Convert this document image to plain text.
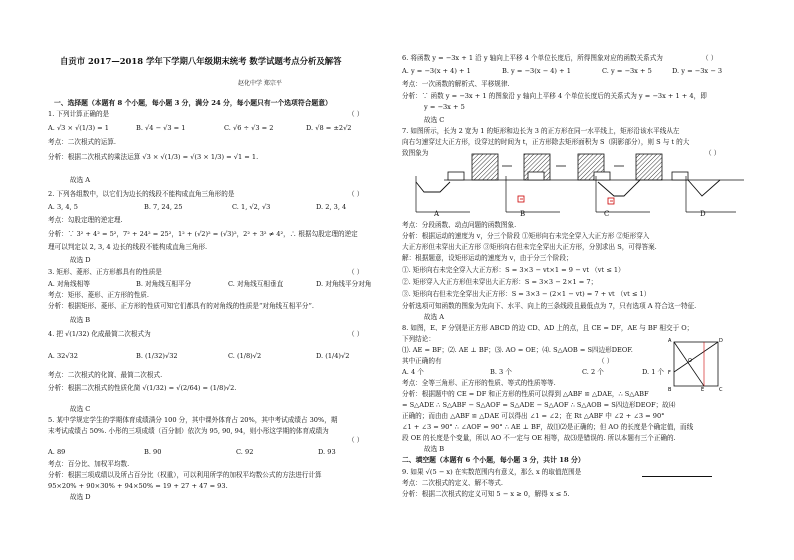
自贡市 2017—2018 学年下学期八年级期末统考 数学试题考点分析及解答
赵化中学 郑宗平
一、选择题（本题有 8 个小题，每小题 3 分，满分 24 分，每小题只有一个选项符合题意）
1. 下列计算正确的是	（ ）
A. √3 × √(1/3) = 1	B. √4 − √3 = 1	C. √6 ÷ √3 = 2	D. √8 = ±2√2
考点：二次根式的运算.
分析：根据二次根式的乘法运算 √3 × √(1/3) = √(3 × 1/3) = √1 = 1.
故选 A
2. 下列各组数中，以它们为边长的线段不能构成直角三角形的是	（ ）
A. 3, 4, 5	B. 7, 24, 25	C. 1, √2, √3	D. 2, 3, 4
考点：勾股定理的逆定理.
分析：∵ 3² + 4² = 5²，7² + 24² = 25²，1² + (√2)² = (√3)²，2² + 3² ≠ 4²，∴ 根据勾股定理的逆定
理可以判定以 2, 3, 4 边长的线段不能构成直角三角形.
故选 D
3. 矩形、菱形、正方形都具有的性质是	（ ）
A. 对角线相等	B. 对角线互相平分	C. 对角线互相垂直	D. 对角线平分对角
考点：矩形、菱形、正方形的性质.
分析：根据矩形、菱形、正方形的性质可知它们都具有的对角线的性质是“对角线互相平分”.
故选 B
4. 把 √(1/32) 化成最简二次根式为	（ ）
A. 32√32	B. (1/32)√32	C. (1/8)√2	D. (1/4)√2
考点：二次根式的化简、最简二次根式.
分析：根据二次根式的性质化简 √(1/32) = √(2/64) = (1/8)√2.
故选 C
5. 某中学规定学生的学期体育成绩满分 100 分，其中课外体育占 20%，其中考试成绩占 30%，期
末考试成绩占 50%. 小彤的三项成绩（百分制）依次为 95, 90, 94，则小彤这学期的体育成绩为
（ ）
A. 89	B. 90	C. 92	D. 93
考点：百分比、加权平均数.
分析：根据三项成绩以及所占百分比（权重），可以利用所学的加权平均数公式的方法进行计算
95×20% + 90×30% + 94×50% = 19 + 27 + 47 = 93.
故选 D
6. 将函数 y = −3x + 1 沿 y 轴向上平移 4 个单位长度后，所得图象对应的函数关系式为	（ ）
A. y = −3(x + 4) + 1	B. y = −3(x − 4) + 1	C. y = −3x + 5	D. y = −3x − 3
考点：一次函数的解析式、平移规律.
分析：∵ 函数 y = −3x + 1 的图象沿 y 轴向上平移 4 个单位长度后的关系式为 y = −3x + 1 + 4，即
y = −3x + 5
故选 C
7. 如图所示，长为 2 宽为 1 的矩形和边长为 3 的正方形在同一水平线上，矩形沿该水平线从左
向右匀速穿过大正方形，设穿过的时间为 t，正方形除去矩形面积为 S（阴影部分），则 S 与 t 的大
致图象为	（ ）
考点：分段函数、动点问题的函数图象.
分析：根据运动的速度为 v，分三个阶段 ①矩形向右未完全穿入大正方形 ②矩形穿入
大正方形但未穿出大正方形 ③矩形向右但未完全穿出大正方形，分别求出 S，可得答案.
解：根据题意，设矩形运动的速度为 v，由于分三个阶段；
①. 矩形向右未完全穿入大正方形：S = 3×3 − vt×1 = 9 − vt （vt ≤ 1）
②. 矩形穿入大正方形但未穿出大正方形：S = 3×3 − 2×1 = 7；
③. 矩形向右但未完全穿出大正方形：S = 3×3 − (2×1 − vt) = 7 + vt （vt ≤ 1）
分析选项可知函数的图象为先向下、水平、向上的三条线段且最低点为 7，只有选项 A 符合这一特征.
故选 A
8. 如图，E、F 分别是正方形 ABCD 的边 CD、AD 上的点，且 CE = DF，AE 与 BF 相交于 O；
下列结论：
⑴. AE = BF；⑵. AE ⊥ BF；⑶. AO = OE；⑷. S△AOB = S四边形DEOF.
其中正确的有	（ ）
A. 4 个	B. 3 个	C. 2 个	D. 1 个
考点：全等三角形、正方形的性质、等式的性质等等.
分析：根据题中的 CE = DF 和正方形的性质可以得到 △ABF ≌ △DAE，∴ S△ABF
= S△ADE ∴ S△ABF − S△AOF = S△ADE − S△AOF ∴ S△AOB = S四边形DEOF；故⑷
正确的；而由由 △ABF ≌ △DAE 可以得出 ∠1 = ∠2；在 Rt △ABF 中 ∠2 + ∠3 = 90°
∠1 + ∠3 = 90° ∴ ∠AOF = 90° ∴ AE ⊥ BF，故⑴⑵是正确的；但 AO 的长度是个确定值，而线
段 OE 的长度是个变量，所以 AO 不一定与 OE 相等，故⑶是错误的. 所以本题有三个正确的.
故选 B
二、填空题（本题有 6 个小题，每小题 3 分，共计 18 分）
9. 如果 √(5 − x) 在实数范围内有意义，那么 x 的取值范围是
考点：二次根式的定义、解不等式.
分析：根据二次根式的定义可知 5 − x ≥ 0，解得 x ≤ 5.
A	B	C	D
A	D
B	C
E
F
O
